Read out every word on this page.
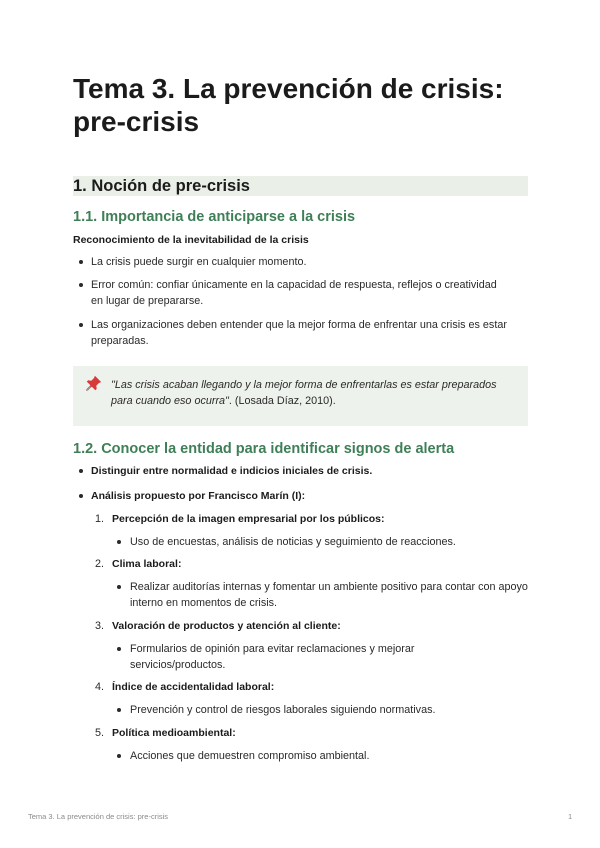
Tema 3. La prevención de crisis: pre-crisis
1. Noción de pre-crisis
1.1. Importancia de anticiparse a la crisis
Reconocimiento de la inevitabilidad de la crisis
La crisis puede surgir en cualquier momento.
Error común: confiar únicamente en la capacidad de respuesta, reflejos o creatividad en lugar de prepararse.
Las organizaciones deben entender que la mejor forma de enfrentar una crisis es estar preparadas.
"Las crisis acaban llegando y la mejor forma de enfrentarlas es estar preparados para cuando eso ocurra". (Losada Díaz, 2010).
1.2. Conocer la entidad para identificar signos de alerta
Distinguir entre normalidad e indicios iniciales de crisis.
Análisis propuesto por Francisco Marín (I):
1. Percepción de la imagen empresarial por los públicos:
Uso de encuestas, análisis de noticias y seguimiento de reacciones.
2. Clima laboral:
Realizar auditorías internas y fomentar un ambiente positivo para contar con apoyo interno en momentos de crisis.
3. Valoración de productos y atención al cliente:
Formularios de opinión para evitar reclamaciones y mejorar servicios/productos.
4. Índice de accidentalidad laboral:
Prevención y control de riesgos laborales siguiendo normativas.
5. Política medioambiental:
Acciones que demuestren compromiso ambiental.
Tema 3. La prevención de crisis: pre-crisis	1
